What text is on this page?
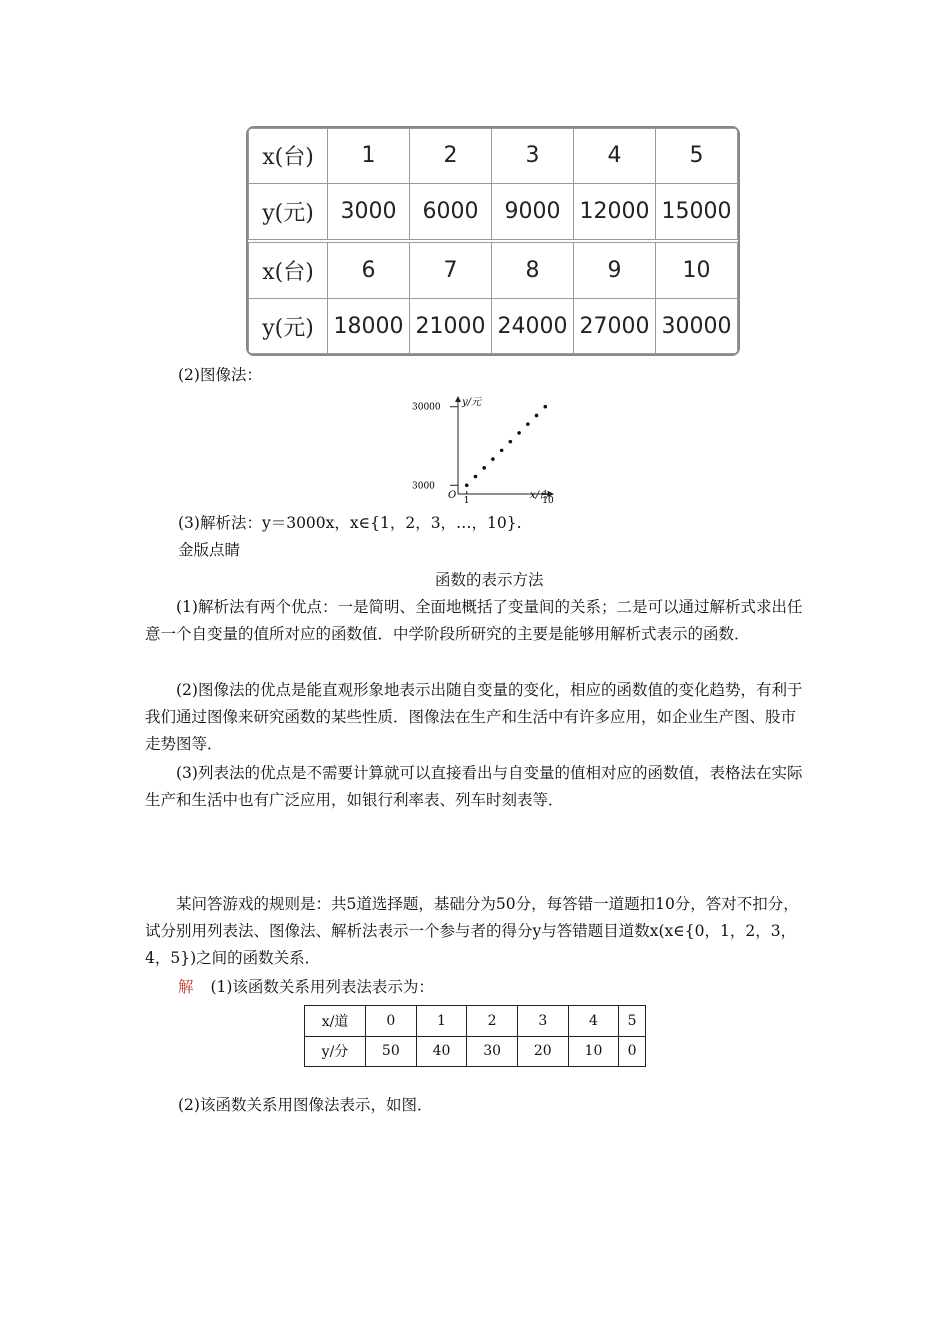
x(台)	1	2	3	4	5
y(元)	3000	6000	9000	12000	15000
x(台)	6	7	8	9	10
y(元)	18000	21000	24000	27000	30000
(2)图像法：
y/元
x/台
O 1	10
3000
30000
(3)解析法：y＝3000x，x∈{1，2，3，…，10}.
金版点睛
函数的表示方法
(1)解析法有两个优点：一是简明、全面地概括了变量间的关系；二是可以通过解析式求出任意一个自变量的值所对应的函数值．中学阶段所研究的主要是能够用解析式表示的函数．
(2)图像法的优点是能直观形象地表示出随自变量的变化，相应的函数值的变化趋势，有利于我们通过图像来研究函数的某些性质．图像法在生产和生活中有许多应用，如企业生产图、股市走势图等．
(3)列表法的优点是不需要计算就可以直接看出与自变量的值相对应的函数值，表格法在实际生产和生活中也有广泛应用，如银行利率表、列车时刻表等．
某问答游戏的规则是：共5道选择题，基础分为50分，每答错一道题扣10分，答对不扣分，试分别用列表法、图像法、解析法表示一个参与者的得分y与答错题目道数x(x∈{0，1，2，3，4，5})之间的函数关系．
解 (1)该函数关系用列表法表示为：
x/道	0	1	2	3	4	5
y/分	50	40	30	20	10	0
(2)该函数关系用图像法表示，如图．
